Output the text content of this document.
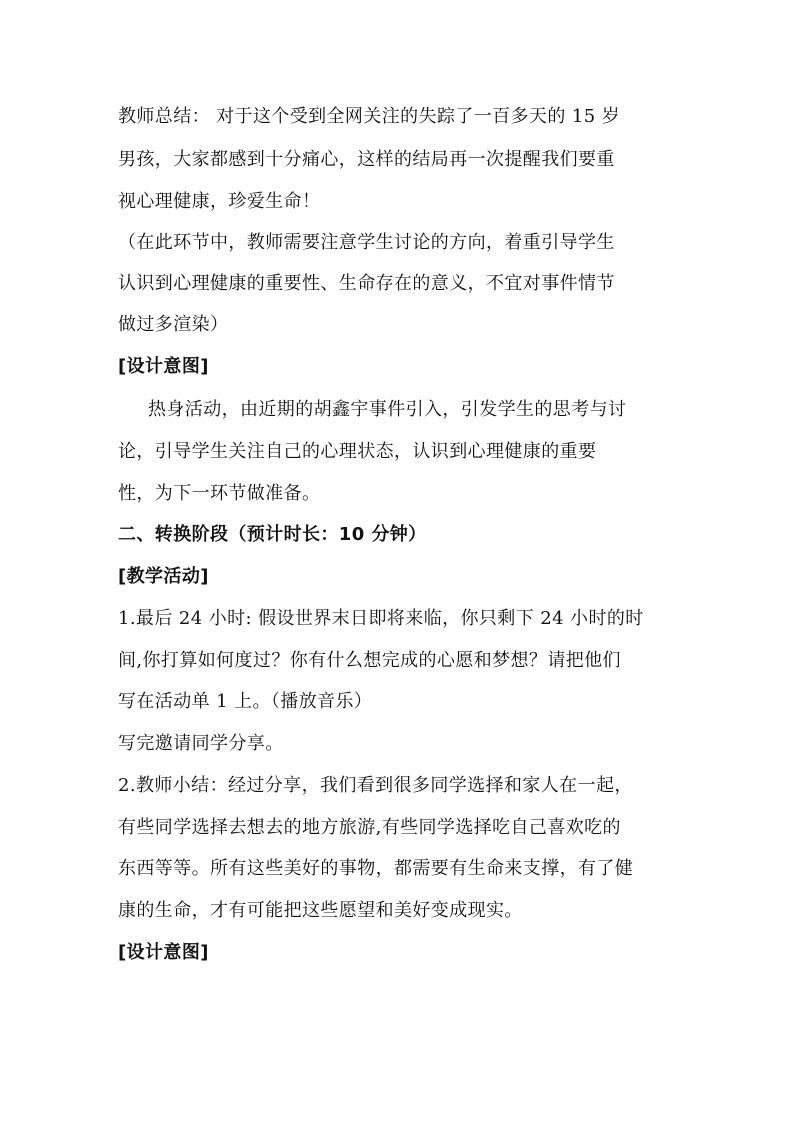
教师总结： 对于这个受到全网关注的失踪了一百多天的 15 岁
男孩，大家都感到十分痛心，这样的结局再一次提醒我们要重
视心理健康，珍爱生命！
（在此环节中，教师需要注意学生讨论的方向，着重引导学生
认识到心理健康的重要性、生命存在的意义，不宜对事件情节
做过多渲染）
[设计意图]
热身活动，由近期的胡鑫宇事件引入，引发学生的思考与讨
论，引导学生关注自己的心理状态，认识到心理健康的重要
性，为下一环节做准备。
二、转换阶段（预计时长：10 分钟）
[教学活动]
1.最后 24 小时: 假设世界末日即将来临，你只剩下 24 小时的时
间,你打算如何度过？你有什么想完成的心愿和梦想？请把他们
写在活动单 1 上。（播放音乐）
写完邀请同学分享。
2.教师小结：经过分享，我们看到很多同学选择和家人在一起，
有些同学选择去想去的地方旅游,有些同学选择吃自己喜欢吃的
东西等等。所有这些美好的事物，都需要有生命来支撑，有了健
康的生命，才有可能把这些愿望和美好变成现实。
[设计意图]
